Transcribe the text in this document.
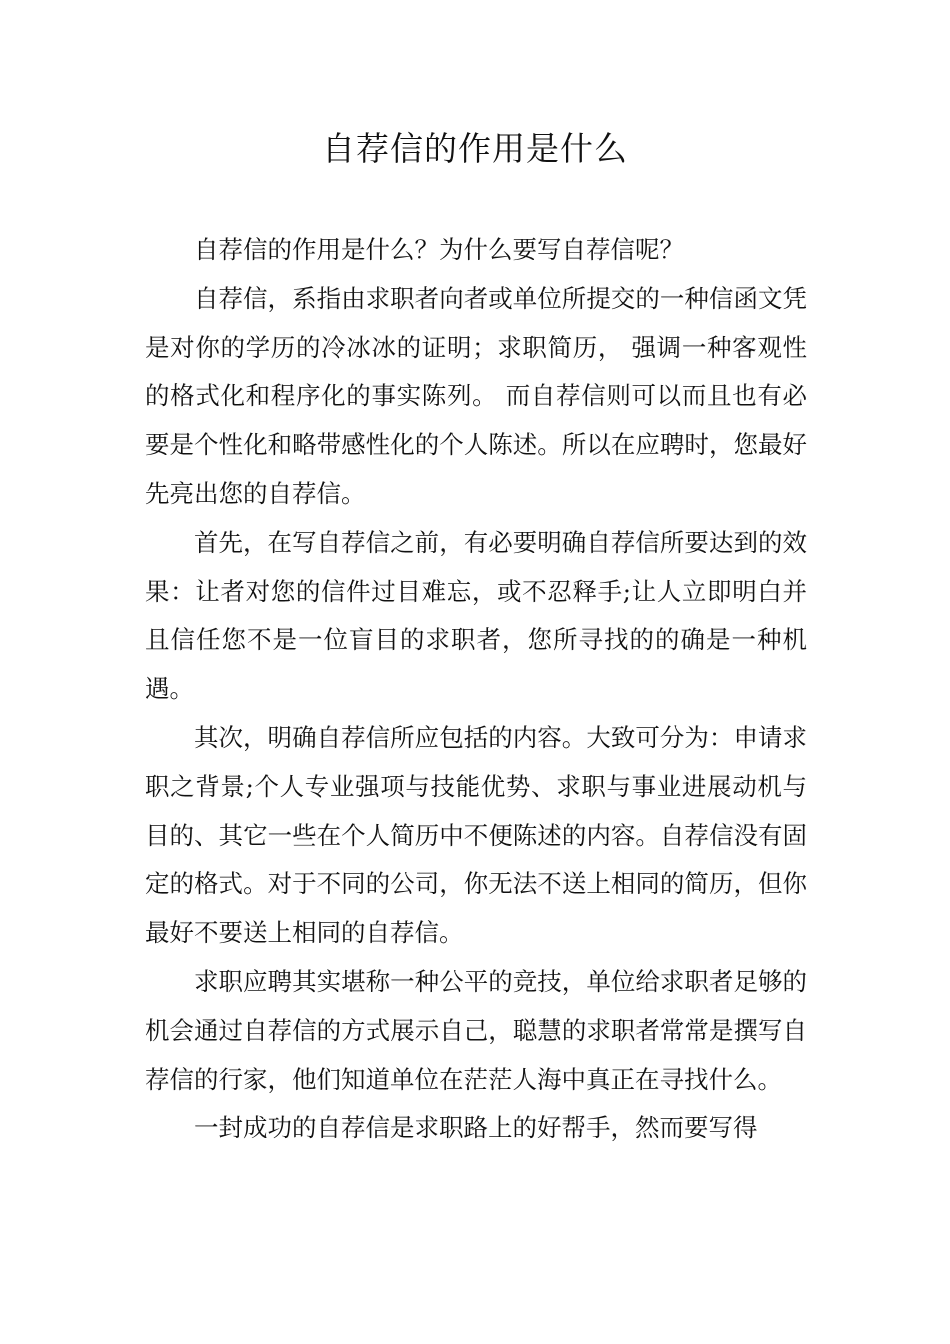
自荐信的作用是什么

自荐信的作用是什么？为什么要写自荐信呢？

自荐信，系指由求职者向者或单位所提交的一种信函文凭是对你的学历的冷冰冰的证明；求职简历， 强调一种客观性的格式化和程序化的事实陈列。 而自荐信则可以而且也有必要是个性化和略带感性化的个人陈述。所以在应聘时，您最好先亮出您的自荐信。

首先，在写自荐信之前，有必要明确自荐信所要达到的效果：让者对您的信件过目难忘，或不忍释手;让人立即明白并且信任您不是一位盲目的求职者，您所寻找的的确是一种机遇。

其次，明确自荐信所应包括的内容。大致可分为：申请求职之背景;个人专业强项与技能优势、求职与事业进展动机与目的、其它一些在个人简历中不便陈述的内容。自荐信没有固定的格式。对于不同的公司，你无法不送上相同的简历，但你最好不要送上相同的自荐信。

求职应聘其实堪称一种公平的竞技，单位给求职者足够的机会通过自荐信的方式展示自己，聪慧的求职者常常是撰写自荐信的行家，他们知道单位在茫茫人海中真正在寻找什么。

一封成功的自荐信是求职路上的好帮手，然而要写得
